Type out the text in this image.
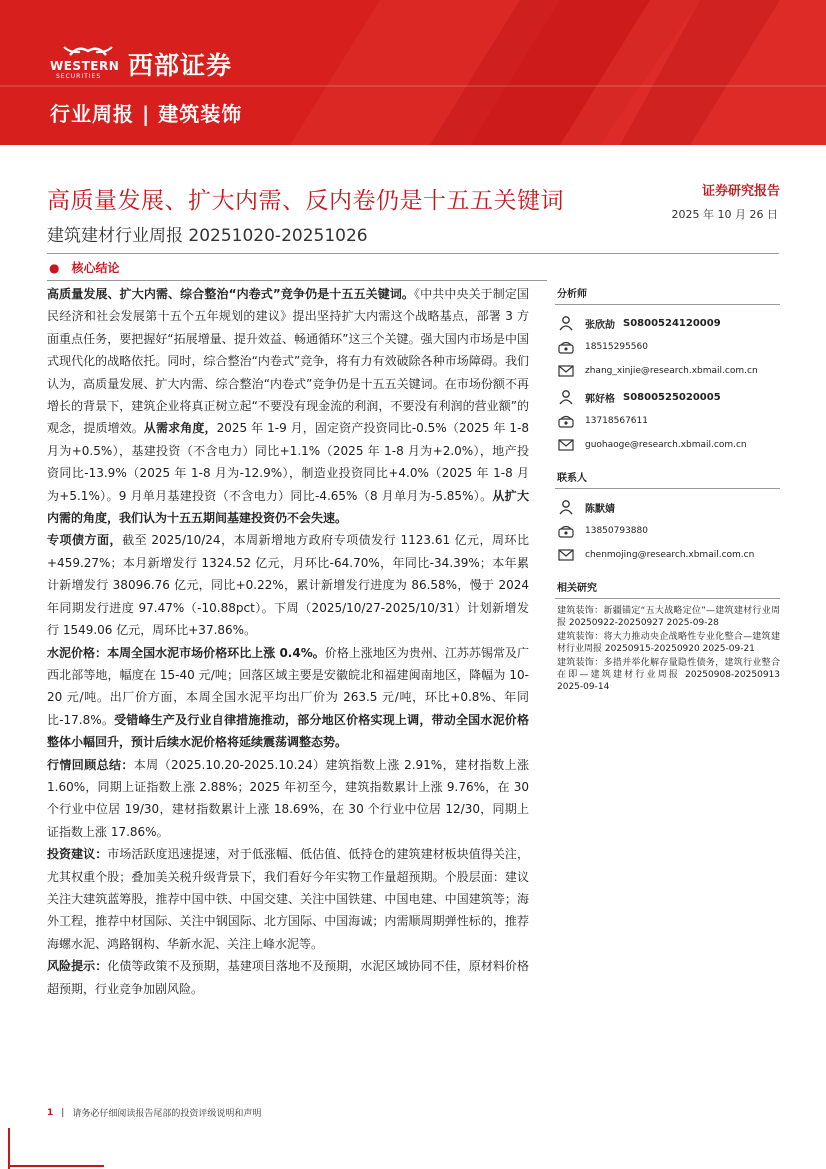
WESTERN
SECURITIES 西部证券
行业周报 | 建筑装饰
高质量发展、扩大内需、反内卷仍是十五五关键词
建筑建材行业周报 20251020-20251026
证券研究报告
2025 年 10 月 26 日
● 核心结论

高质量发展、扩大内需、综合整治“内卷式”竞争仍是十五五关键词。《中共中央关于制定国民经济和社会发展第十五个五年规划的建议》提出坚持扩大内需这个战略基点，部署 3 方面重点任务，要把握好“拓展增量、提升效益、畅通循环”这三个关键。强大国内市场是中国式现代化的战略依托。同时，综合整治“内卷式”竞争，将有力有效破除各种市场障碍。我们认为，高质量发展、扩大内需、综合整治“内卷式”竞争仍是十五五关键词。在市场份额不再增长的背景下，建筑企业将真正树立起“不要没有现金流的利润，不要没有利润的营业额”的观念，提质增效。从需求角度，2025 年 1-9 月，固定资产投资同比-0.5%（2025 年 1-8 月为+0.5%），基建投资（不含电力）同比+1.1%（2025 年 1-8 月为+2.0%），地产投资同比-13.9%（2025 年 1-8 月为-12.9%），制造业投资同比+4.0%（2025 年 1-8 月为+5.1%）。9 月单月基建投资（不含电力）同比-4.65%（8 月单月为-5.85%）。从扩大内需的角度，我们认为十五五期间基建投资仍不会失速。

专项债方面，截至 2025/10/24，本周新增地方政府专项债发行 1123.61 亿元，周环比+459.27%；本月新增发行 1324.52 亿元，月环比-64.70%，年同比-34.39%；本年累计新增发行 38096.76 亿元，同比+0.22%，累计新增发行进度为 86.58%，慢于 2024 年同期发行进度 97.47%（-10.88pct）。下周（2025/10/27-2025/10/31）计划新增发行 1549.06 亿元，周环比+37.86%。

水泥价格：本周全国水泥市场价格环比上涨 0.4%。价格上涨地区为贵州、江苏苏锡常及广西北部等地，幅度在 15-40 元/吨；回落区域主要是安徽皖北和福建闽南地区，降幅为 10-20 元/吨。出厂价方面，本周全国水泥平均出厂价为 263.5 元/吨，环比+0.8%、年同比-17.8%。受错峰生产及行业自律措施推动，部分地区价格实现上调，带动全国水泥价格整体小幅回升，预计后续水泥价格将延续震荡调整态势。

行情回顾总结：本周（2025.10.20-2025.10.24）建筑指数上涨 2.91%，建材指数上涨 1.60%，同期上证指数上涨 2.88%；2025 年初至今，建筑指数累计上涨 9.76%，在 30 个行业中位居 19/30，建材指数累计上涨 18.69%，在 30 个行业中位居 12/30，同期上证指数上涨 17.86%。

投资建议：市场活跃度迅速提速，对于低涨幅、低估值、低持仓的建筑建材板块值得关注，尤其权重个股；叠加美关税升级背景下，我们看好今年实物工作量超预期。个股层面：建议关注大建筑蓝筹股，推荐中国中铁、中国交建、关注中国铁建、中国电建、中国建筑等；海外工程，推荐中材国际、关注中钢国际、北方国际、中国海诚；内需顺周期弹性标的，推荐海螺水泥、鸿路钢构、华新水泥、关注上峰水泥等。

风险提示：化债等政策不及预期，基建项目落地不及预期，水泥区域协同不佳，原材料价格超预期，行业竞争加剧风险。

分析师
张欣劼 S0800524120009
18515295560
zhang_xinjie@research.xbmail.com.cn
郭好格 S0800525020005
13718567611
guohaoge@research.xbmail.com.cn
联系人
陈默婧
13850793880
chenmojing@research.xbmail.com.cn
相关研究
建筑装饰：新疆锚定“五大战略定位”—建筑建材行业周报 20250922-20250927 2025-09-28
建筑装饰：将大力推动央企战略性专业化整合—建筑建材行业周报 20250915-20250920 2025-09-21
建筑装饰：多措并举化解存量隐性债务，建筑行业整合在即—建筑建材行业周报 20250908-20250913 2025-09-14
1 | 请务必仔细阅读报告尾部的投资评级说明和声明
